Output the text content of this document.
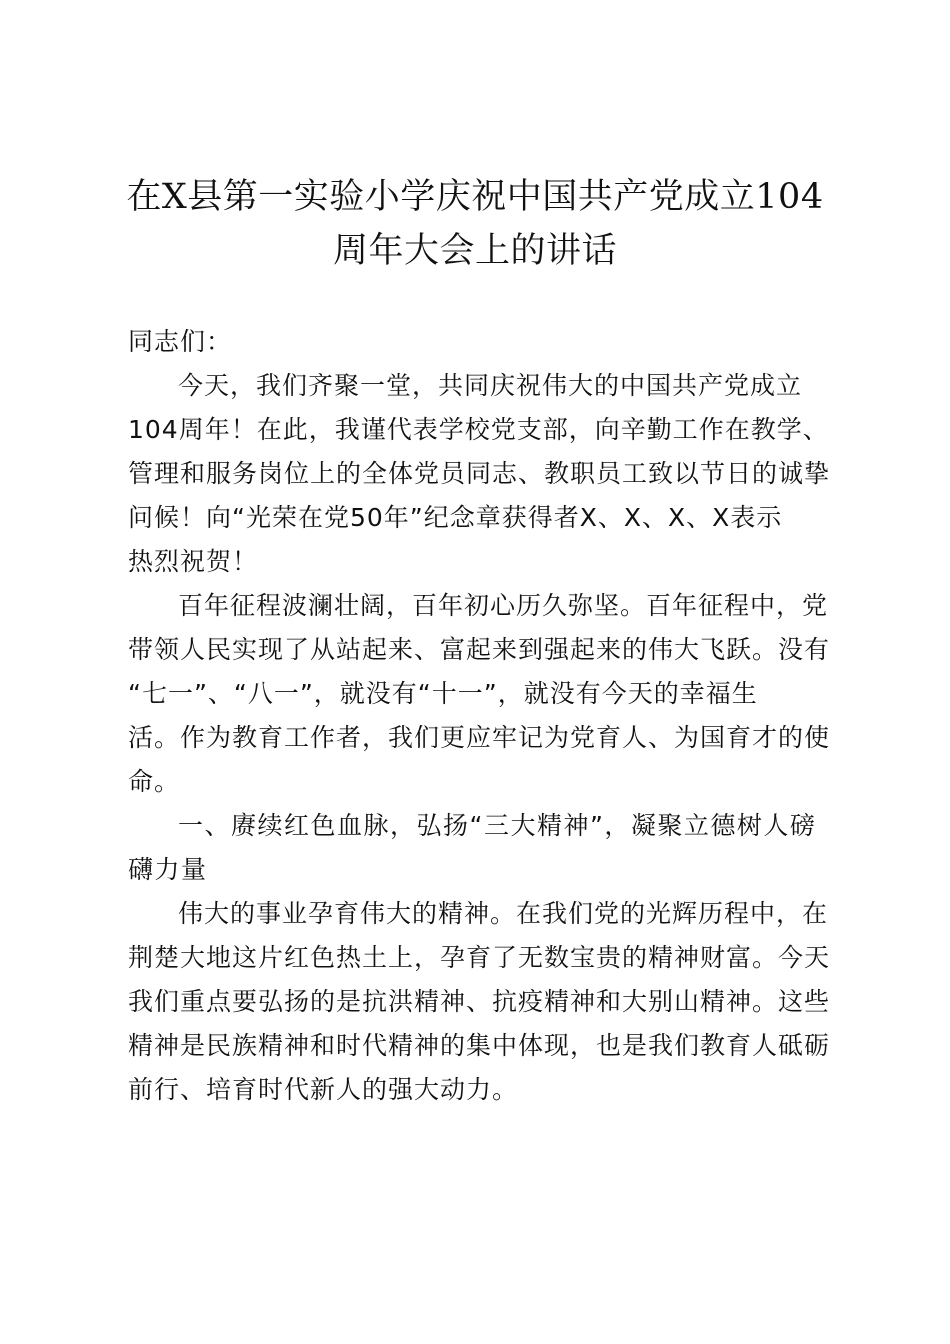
在X县第一实验小学庆祝中国共产党成立104
周年大会上的讲话
同志们：
今天，我们齐聚一堂，共同庆祝伟大的中国共产党成立
104周年！在此，我谨代表学校党支部，向辛勤工作在教学、
管理和服务岗位上的全体党员同志、教职员工致以节日的诚挚
问候！向“光荣在党50年”纪念章获得者X、X、X、X表示
热烈祝贺！
百年征程波澜壮阔，百年初心历久弥坚。百年征程中，党
带领人民实现了从站起来、富起来到强起来的伟大飞跃。没有
“七一”、“八一”，就没有“十一”，就没有今天的幸福生
活。作为教育工作者，我们更应牢记为党育人、为国育才的使
命。
一、赓续红色血脉，弘扬“三大精神”，凝聚立德树人磅
礴力量
伟大的事业孕育伟大的精神。在我们党的光辉历程中，在
荆楚大地这片红色热土上，孕育了无数宝贵的精神财富。今天
我们重点要弘扬的是抗洪精神、抗疫精神和大别山精神。这些
精神是民族精神和时代精神的集中体现，也是我们教育人砥砺
前行、培育时代新人的强大动力。
